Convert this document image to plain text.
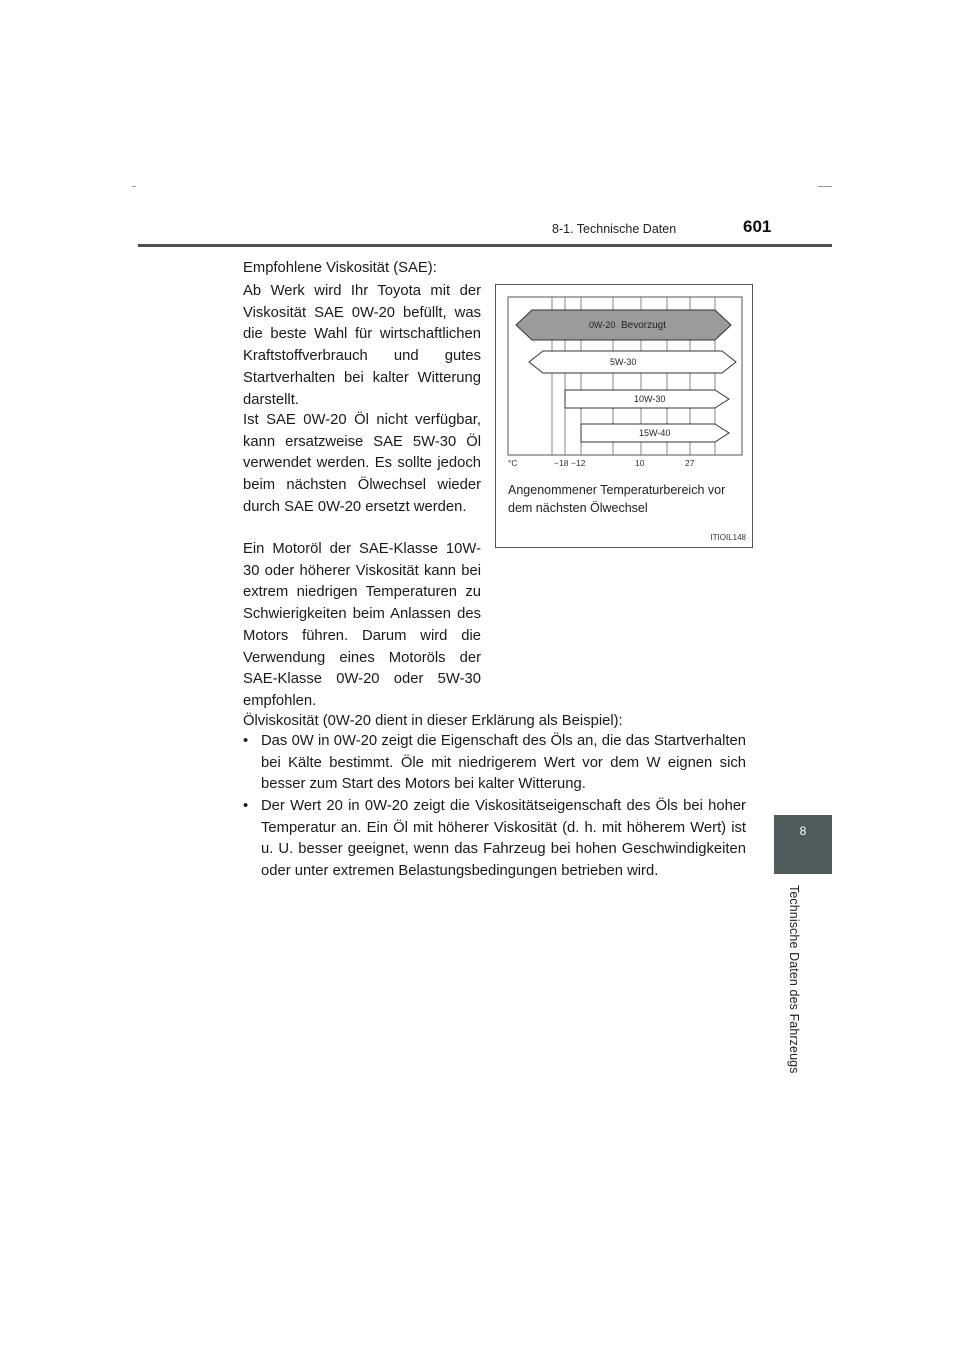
8-1. Technische Daten	601
8
Technische Daten des Fahrzeugs

Empfohlene Viskosität (SAE):

Ab Werk wird Ihr Toyota mit der Viskosität SAE 0W-20 befüllt, was die beste Wahl für wirtschaftlichen Kraftstoffverbrauch und gutes Startverhalten bei kalter Witterung darstellt.

Ist SAE 0W-20 Öl nicht verfügbar, kann ersatzweise SAE 5W-30 Öl verwendet werden. Es sollte jedoch beim nächsten Ölwechsel wieder durch SAE 0W-20 ersetzt werden.

Ein Motoröl der SAE-Klasse 10W-30 oder höherer Viskosität kann bei extrem niedrigen Temperaturen zu Schwierigkeiten beim Anlassen des Motors führen. Darum wird die Verwendung eines Motoröls der SAE-Klasse 0W-20 oder 5W-30 empfohlen.

Ölviskosität (0W-20 dient in dieser Erklärung als Beispiel):

• Das 0W in 0W-20 zeigt die Eigenschaft des Öls an, die das Startverhalten bei Kälte bestimmt. Öle mit niedrigerem Wert vor dem W eignen sich besser zum Start des Motors bei kalter Witterung.

• Der Wert 20 in 0W-20 zeigt die Viskositätseigenschaft des Öls bei hoher Temperatur an. Ein Öl mit höherer Viskosität (d. h. mit höherem Wert) ist u. U. besser geeignet, wenn das Fahrzeug bei hohen Geschwindigkeiten oder unter extremen Belastungsbedingungen betrieben wird.

0W-20 Bevorzugt
5W-30
10W-30
15W-40
°C	−18 −12	10	27

Angenommener Temperaturbereich vor dem nächsten Ölwechsel

ITIOIL148
